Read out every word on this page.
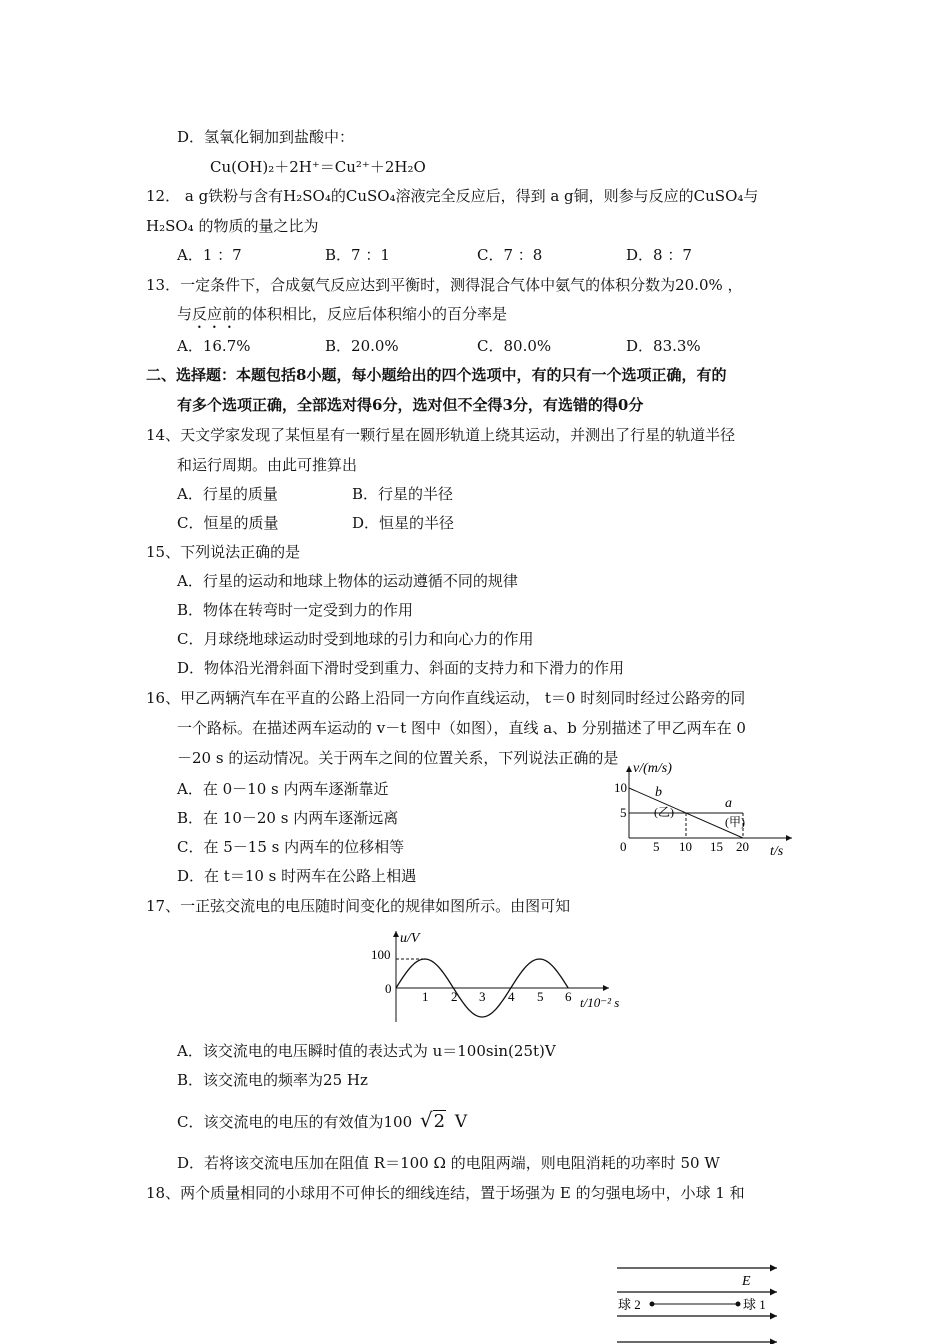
D．氢氧化铜加到盐酸中：
Cu(OH)₂＋2H⁺＝Cu²⁺＋2H₂O
12． a g铁粉与含有H₂SO₄的CuSO₄溶液完全反应后，得到 a g铜，则参与反应的CuSO₄与
H₂SO₄ 的物质的量之比为
A．1 ：7	B．7 ：1	C．7 ：8	D．8 ：7
13．一定条件下，合成氨气反应达到平衡时，测得混合气体中氨气的体积分数为20.0% ，
与反应前的体积相比，反应后体积缩小的百分率是
A．16.7%	B．20.0%	C．80.0%	D．83.3%
二、选择题：本题包括8小题，每小题给出的四个选项中，有的只有一个选项正确，有的
有多个选项正确，全部选对得6分，选对但不全得3分，有选错的得0分
14、天文学家发现了某恒星有一颗行星在圆形轨道上绕其运动，并测出了行星的轨道半径
和运行周期。由此可推算出
A．行星的质量	B．行星的半径
C．恒星的质量	D．恒星的半径
15、下列说法正确的是
A．行星的运动和地球上物体的运动遵循不同的规律
B．物体在转弯时一定受到力的作用
C．月球绕地球运动时受到地球的引力和向心力的作用
D．物体沿光滑斜面下滑时受到重力、斜面的支持力和下滑力的作用
16、甲乙两辆汽车在平直的公路上沿同一方向作直线运动， t＝0 时刻同时经过公路旁的同
一个路标。在描述两车运动的 v－t 图中（如图），直线 a、b 分别描述了甲乙两车在 0
－20 s 的运动情况。关于两车之间的位置关系，下列说法正确的是
A．在 0－10 s 内两车逐渐靠近
B．在 10－20 s 内两车逐渐远离
C．在 5－15 s 内两车的位移相等
D．在 t＝10 s 时两车在公路上相遇
v/(m/s)
t/s
10
5
0 5 10 15 20
b
(乙)
a
(甲)
17、一正弦交流电的电压随时间变化的规律如图所示。由图可知
u/V
t/10⁻² s
100
0
1 2 3 4 5 6
A．该交流电的电压瞬时值的表达式为 u＝100sin(25t)V
B．该交流电的频率为25 Hz
C．该交流电的电压的有效值为100 √2 V
D．若将该交流电压加在阻值 R＝100 Ω 的电阻两端，则电阻消耗的功率时 50 W
18、两个质量相同的小球用不可伸长的细线连结，置于场强为 E 的匀强电场中，小球 1 和
E
球 2	球 1
